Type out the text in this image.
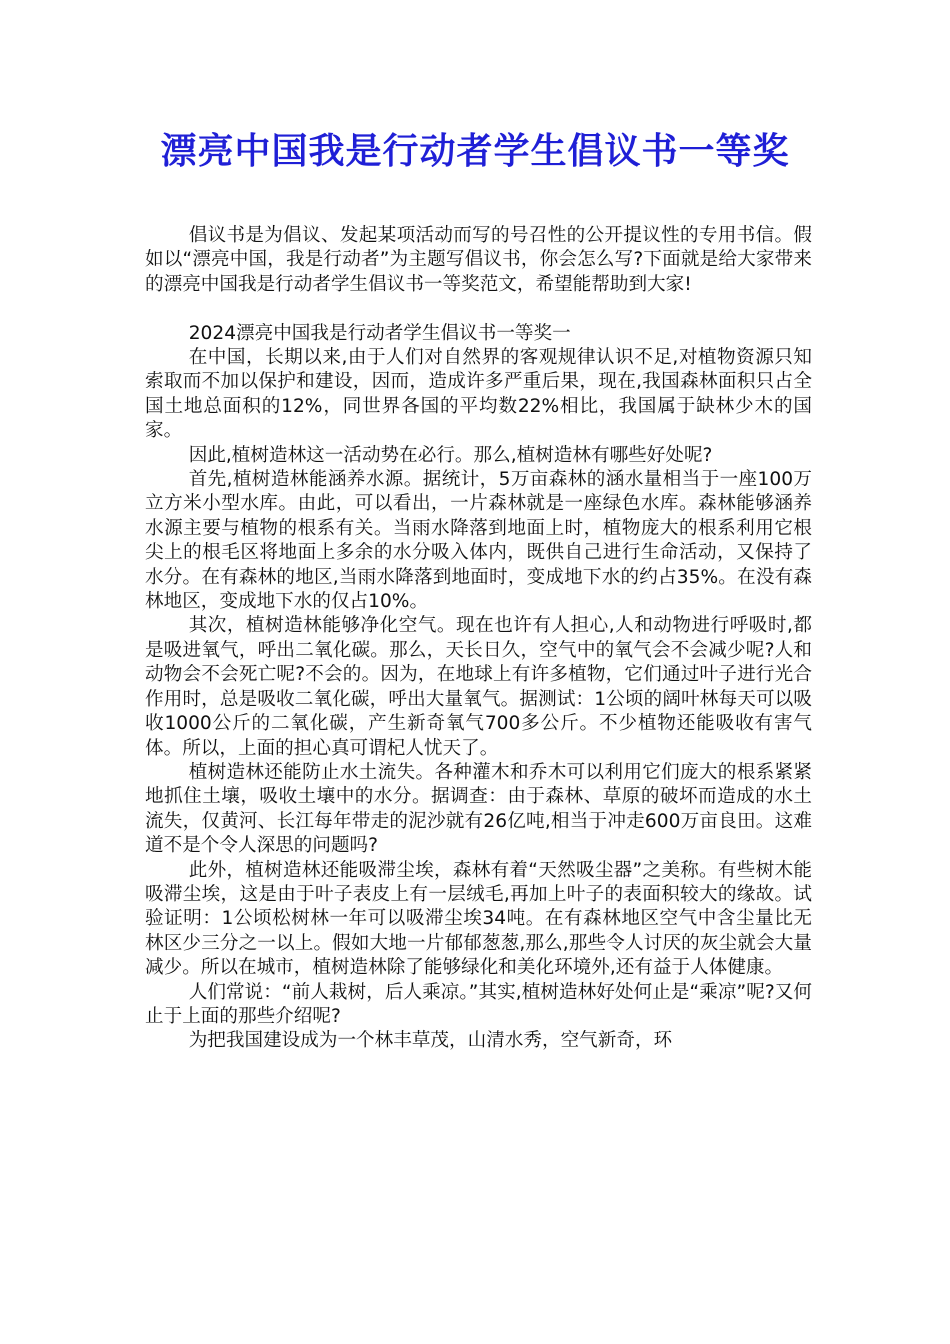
漂亮中国我是行动者学生倡议书一等奖

倡议书是为倡议、发起某项活动而写的号召性的公开提议性的专用书信。假如以“漂亮中国，我是行动者”为主题写倡议书，你会怎么写?下面就是给大家带来的漂亮中国我是行动者学生倡议书一等奖范文，希望能帮助到大家!

2024漂亮中国我是行动者学生倡议书一等奖一

在中国，长期以来,由于人们对自然界的客观规律认识不足,对植物资源只知索取而不加以保护和建设，因而，造成许多严重后果，现在,我国森林面积只占全国土地总面积的12%，同世界各国的平均数22%相比，我国属于缺林少木的国家。

因此,植树造林这一活动势在必行。那么,植树造林有哪些好处呢?

首先,植树造林能涵养水源。据统计，5万亩森林的涵水量相当于一座100万立方米小型水库。由此，可以看出，一片森林就是一座绿色水库。森林能够涵养水源主要与植物的根系有关。当雨水降落到地面上时，植物庞大的根系利用它根尖上的根毛区将地面上多余的水分吸入体内，既供自己进行生命活动，又保持了水分。在有森林的地区,当雨水降落到地面时，变成地下水的约占35%。在没有森林地区，变成地下水的仅占10%。

其次，植树造林能够净化空气。现在也许有人担心,人和动物进行呼吸时,都是吸进氧气，呼出二氧化碳。那么，天长日久，空气中的氧气会不会减少呢?人和动物会不会死亡呢?不会的。因为，在地球上有许多植物，它们通过叶子进行光合作用时，总是吸收二氧化碳，呼出大量氧气。据测试：1公顷的阔叶林每天可以吸收1000公斤的二氧化碳，产生新奇氧气700多公斤。不少植物还能吸收有害气体。所以，上面的担心真可谓杞人忧天了。

植树造林还能防止水土流失。各种灌木和乔木可以利用它们庞大的根系紧紧地抓住土壤，吸收土壤中的水分。据调查：由于森林、草原的破坏而造成的水土流失，仅黄河、长江每年带走的泥沙就有26亿吨,相当于冲走600万亩良田。这难道不是个令人深思的问题吗?

此外，植树造林还能吸滞尘埃，森林有着“天然吸尘器”之美称。有些树木能吸滞尘埃，这是由于叶子表皮上有一层绒毛,再加上叶子的表面积较大的缘故。试验证明：1公顷松树林一年可以吸滞尘埃34吨。在有森林地区空气中含尘量比无林区少三分之一以上。假如大地一片郁郁葱葱,那么,那些令人讨厌的灰尘就会大量减少。所以在城市，植树造林除了能够绿化和美化环境外,还有益于人体健康。

人们常说：“前人栽树，后人乘凉。”其实,植树造林好处何止是“乘凉”呢?又何止于上面的那些介绍呢?

为把我国建设成为一个林丰草茂，山清水秀，空气新奇，环
